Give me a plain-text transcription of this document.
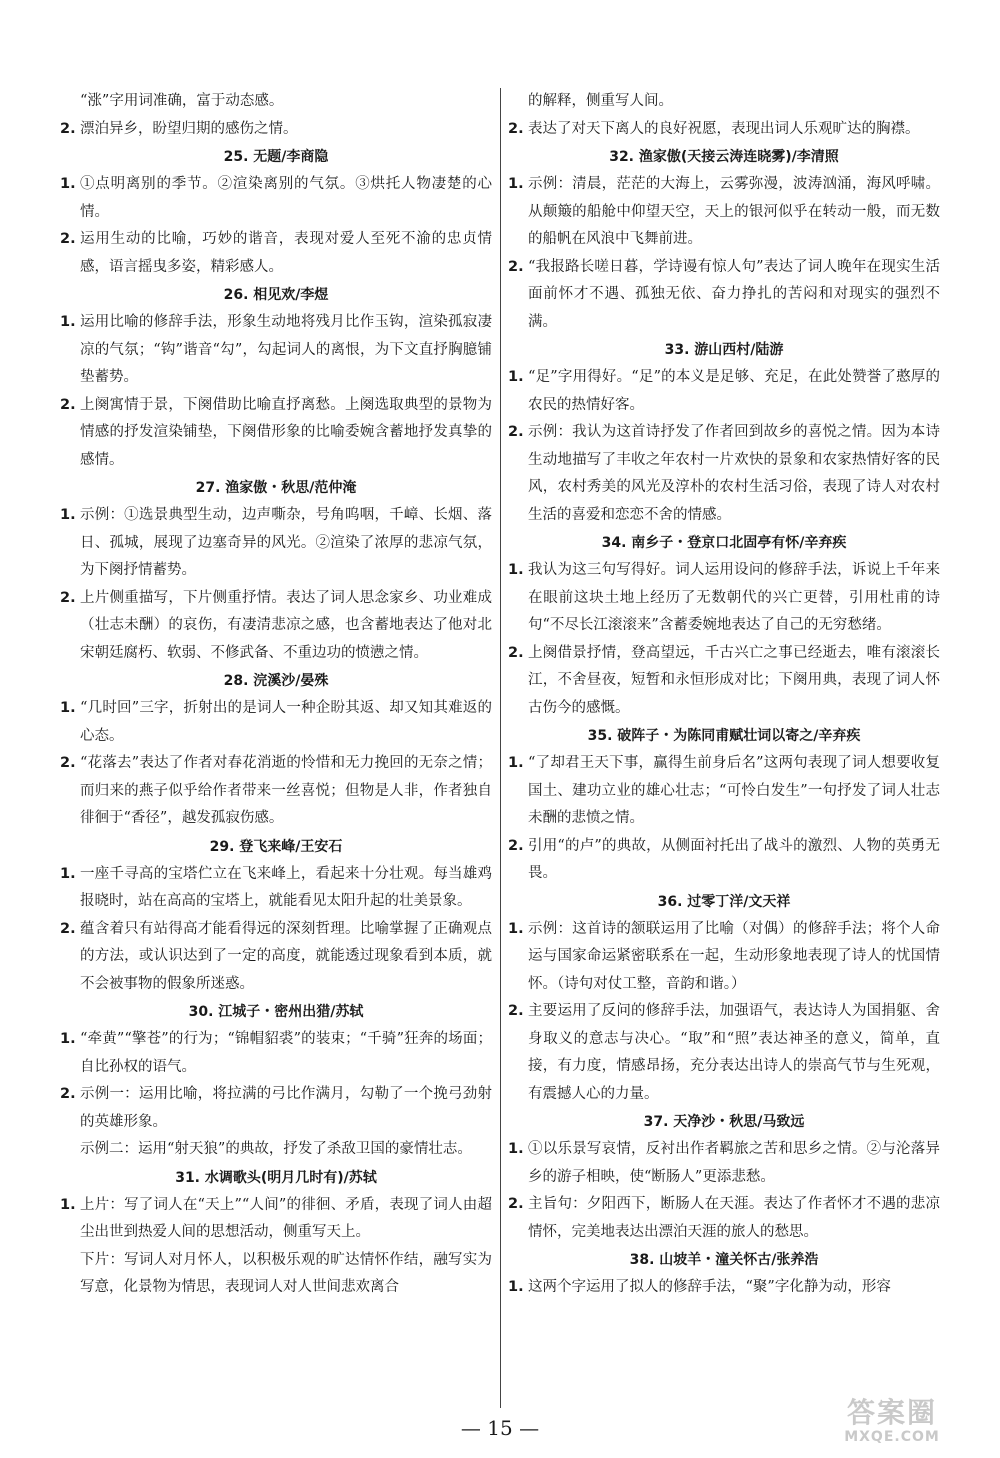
“涨”字用词准确，富于动态感。
2. 漂泊异乡，盼望归期的感伤之情。
25. 无题/李商隐
1. ①点明离别的季节。②渲染离别的气氛。③烘托人物凄楚的心情。
2. 运用生动的比喻，巧妙的谐音，表现对爱人至死不渝的忠贞情感，语言摇曳多姿，精彩感人。
26. 相见欢/李煜
1. 运用比喻的修辞手法，形象生动地将残月比作玉钩，渲染孤寂凄凉的气氛；“钩”谐音“勾”，勾起词人的离恨，为下文直抒胸臆铺垫蓄势。
2. 上阕寓情于景，下阕借助比喻直抒离愁。上阕选取典型的景物为情感的抒发渲染铺垫，下阕借形象的比喻委婉含蓄地抒发真挚的感情。
27. 渔家傲・秋思/范仲淹
1. 示例：①选景典型生动，边声嘶杂，号角呜咽，千嶂、长烟、落日、孤城，展现了边塞奇异的风光。②渲染了浓厚的悲凉气氛，为下阕抒情蓄势。
2. 上片侧重描写，下片侧重抒情。表达了词人思念家乡、功业难成（壮志未酬）的哀伤，有凄清悲凉之感，也含蓄地表达了他对北宋朝廷腐朽、软弱、不修武备、不重边功的愤懑之情。
28. 浣溪沙/晏殊
1. “几时回”三字，折射出的是词人一种企盼其返、却又知其难返的心态。
2. “花落去”表达了作者对春花消逝的怜惜和无力挽回的无奈之情；而归来的燕子似乎给作者带来一丝喜悦；但物是人非，作者独自徘徊于“香径”，越发孤寂伤感。
29. 登飞来峰/王安石
1. 一座千寻高的宝塔伫立在飞来峰上，看起来十分壮观。每当雄鸡报晓时，站在高高的宝塔上，就能看见太阳升起的壮美景象。
2. 蕴含着只有站得高才能看得远的深刻哲理。比喻掌握了正确观点的方法，或认识达到了一定的高度，就能透过现象看到本质，就不会被事物的假象所迷惑。
30. 江城子・密州出猎/苏轼
1. “牵黄”“擎苍”的行为；“锦帽貂裘”的装束；“千骑”狂奔的场面；自比孙权的语气。
2. 示例一：运用比喻，将拉满的弓比作满月，勾勒了一个挽弓劲射的英雄形象。
示例二：运用“射天狼”的典故，抒发了杀敌卫国的豪情壮志。
31. 水调歌头(明月几时有)/苏轼
1. 上片：写了词人在“天上”“人间”的徘徊、矛盾，表现了词人由超尘出世到热爱人间的思想活动，侧重写天上。
下片：写词人对月怀人，以积极乐观的旷达情怀作结，融写实为写意，化景物为情思，表现词人对人世间悲欢离合
的解释，侧重写人间。
2. 表达了对天下离人的良好祝愿，表现出词人乐观旷达的胸襟。
32. 渔家傲(天接云涛连晓雾)/李清照
1. 示例：清晨，茫茫的大海上，云雾弥漫，波涛汹涌，海风呼啸。从颠簸的船舱中仰望天空，天上的银河似乎在转动一般，而无数的船帆在风浪中飞舞前进。
2. “我报路长嗟日暮，学诗谩有惊人句”表达了词人晚年在现实生活面前怀才不遇、孤独无依、奋力挣扎的苦闷和对现实的强烈不满。
33. 游山西村/陆游
1. “足”字用得好。“足”的本义是足够、充足，在此处赞誉了憨厚的农民的热情好客。
2. 示例：我认为这首诗抒发了作者回到故乡的喜悦之情。因为本诗生动地描写了丰收之年农村一片欢快的景象和农家热情好客的民风，农村秀美的风光及淳朴的农村生活习俗，表现了诗人对农村生活的喜爱和恋恋不舍的情感。
34. 南乡子・登京口北固亭有怀/辛弃疾
1. 我认为这三句写得好。词人运用设问的修辞手法，诉说上千年来在眼前这块土地上经历了无数朝代的兴亡更替，引用杜甫的诗句“不尽长江滚滚来”含蓄委婉地表达了自己的无穷愁绪。
2. 上阕借景抒情，登高望远，千古兴亡之事已经逝去，唯有滚滚长江，不舍昼夜，短暂和永恒形成对比；下阕用典，表现了词人怀古伤今的感慨。
35. 破阵子・为陈同甫赋壮词以寄之/辛弃疾
1. “了却君王天下事，赢得生前身后名”这两句表现了词人想要收复国土、建功立业的雄心壮志；“可怜白发生”一句抒发了词人壮志未酬的悲愤之情。
2. 引用“的卢”的典故，从侧面衬托出了战斗的激烈、人物的英勇无畏。
36. 过零丁洋/文天祥
1. 示例：这首诗的颔联运用了比喻（对偶）的修辞手法；将个人命运与国家命运紧密联系在一起，生动形象地表现了诗人的忧国情怀。（诗句对仗工整，音韵和谐。）
2. 主要运用了反问的修辞手法，加强语气，表达诗人为国捐躯、舍身取义的意志与决心。“取”和“照”表达神圣的意义，简单，直接，有力度，情感昂扬，充分表达出诗人的崇高气节与生死观，有震撼人心的力量。
37. 天净沙・秋思/马致远
1. ①以乐景写哀情，反衬出作者羁旅之苦和思乡之情。②与沦落异乡的游子相映，使“断肠人”更添悲愁。
2. 主旨句：夕阳西下，断肠人在天涯。表达了作者怀才不遇的悲凉情怀，完美地表达出漂泊天涯的旅人的愁思。
38. 山坡羊・潼关怀古/张养浩
1. 这两个字运用了拟人的修辞手法，“聚”字化静为动，形容
— 15 —	答案圈
MXQE.COM
